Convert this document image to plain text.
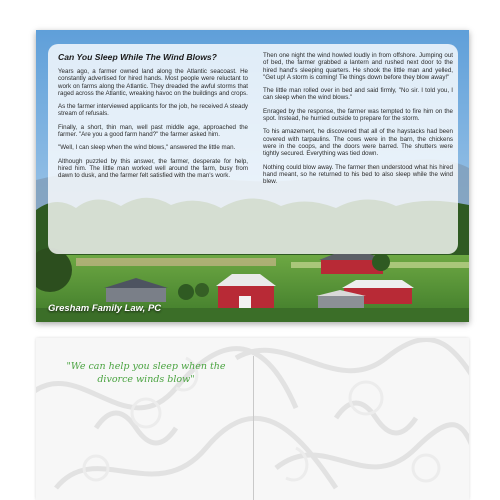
Can You Sleep While The Wind Blows?

Years ago, a farmer owned land along the Atlantic seacoast. He constantly advertised for hired hands. Most people were reluctant to work on farms along the Atlantic. They dreaded the awful storms that raged across the Atlantic, wreaking havoc on the buildings and crops.

As the farmer interviewed applicants for the job, he received A steady stream of refusals.

Finally, a short, thin man, well past middle age, approached the farmer. "Are you a good farm hand?" the farmer asked him.

"Well, I can sleep when the wind blows," answered the little man.

Although puzzled by this answer, the farmer, desperate for help, hired him. The little man worked well around the farm, busy from dawn to dusk, and the farmer felt satisfied with the man's work.

Then one night the wind howled loudly in from offshore. Jumping out of bed, the farmer grabbed a lantern and rushed next door to the hired hand's sleeping quarters. He shook the little man and yelled, "Get up! A storm is coming! Tie things down before they blow away!"

The little man rolled over in bed and said firmly, "No sir. I told you, I can sleep when the wind blows."

Enraged by the response, the farmer was tempted to fire him on the spot. Instead, he hurried outside to prepare for the storm.

To his amazement, he discovered that all of the haystacks had been covered with tarpaulins. The cows were in the barn, the chickens were in the coops, and the doors were barred. The shutters were tightly secured. Everything was tied down.

Nothing could blow away. The farmer then understood what his hired hand meant, so he returned to his bed to also sleep while the wind blew.

Gresham Family Law, PC
"We can help you sleep when the
divorce winds blow"
